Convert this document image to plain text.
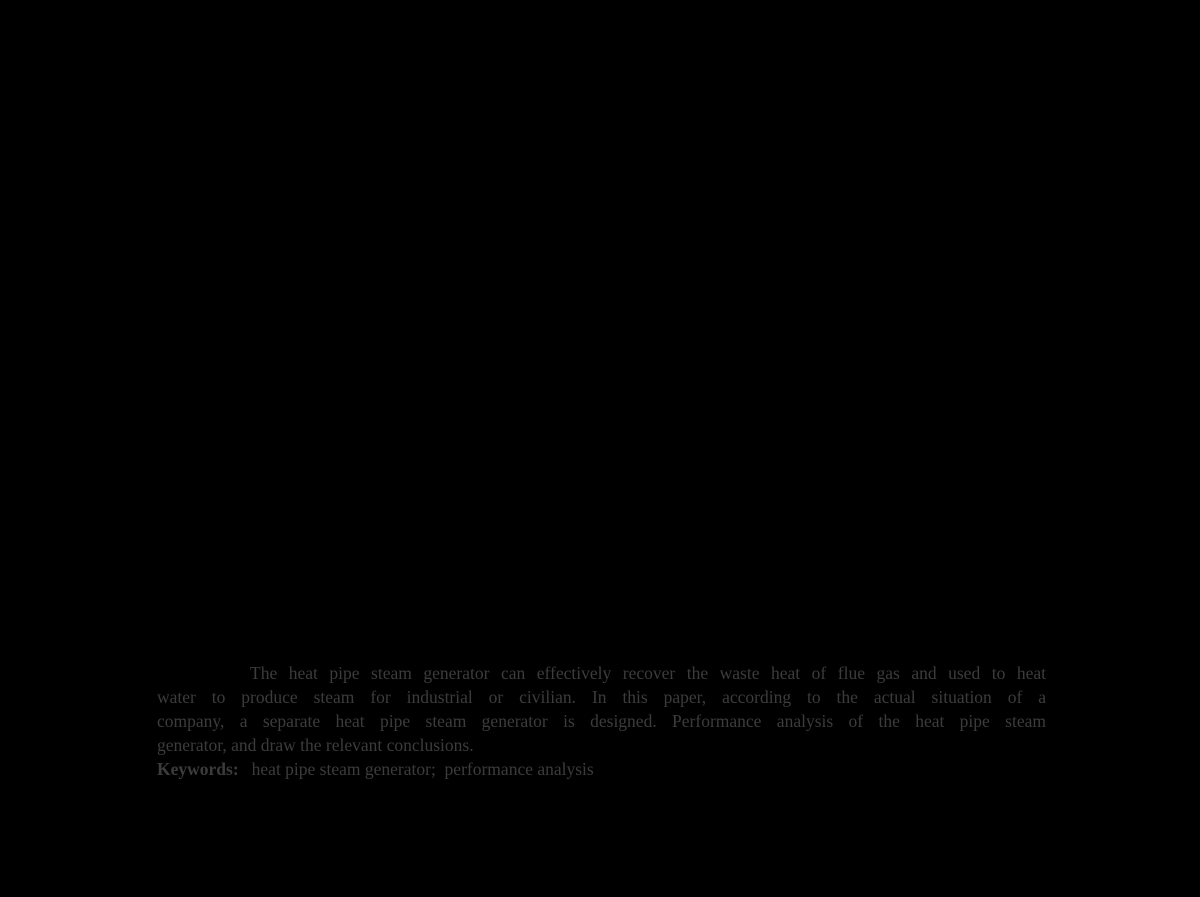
The heat pipe steam generator can effectively recover the waste heat of flue gas and used to heat
water to produce steam for industrial or civilian. In this paper, according to the actual situation of a
company, a separate heat pipe steam generator is designed. Performance analysis of the heat pipe steam
generator, and draw the relevant conclusions.
Keywords: heat pipe steam generator;  performance analysis
